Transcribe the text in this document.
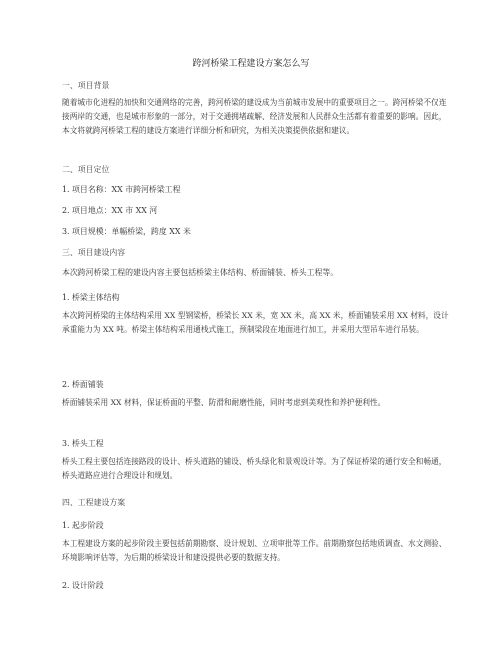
跨河桥梁工程建设方案怎么写
一、项目背景
随着城市化进程的加快和交通网络的完善，跨河桥梁的建设成为当前城市发展中的重要项目之一。跨河桥梁不仅连接两岸的交通，也是城市形象的一部分，对于交通拥堵疏解、经济发展和人民群众生活都有着重要的影响。因此，本文将就跨河桥梁工程的建设方案进行详细分析和研究，为相关决策提供依据和建议。
二、项目定位
1. 项目名称：XX 市跨河桥梁工程
2. 项目地点：XX 市 XX 河
3. 项目规模：单幅桥梁，跨度 XX 米
三、项目建设内容
本次跨河桥梁工程的建设内容主要包括桥梁主体结构、桥面铺装、桥头工程等。
1. 桥梁主体结构
本次跨河桥梁的主体结构采用 XX 型钢梁桥，桥梁长 XX 米，宽 XX 米，高 XX 米，桥面铺装采用 XX 材料，设计承重能力为 XX 吨。桥梁主体结构采用通栈式施工，预制梁段在地面进行加工，并采用大型吊车进行吊装。
2. 桥面铺装
桥面铺装采用 XX 材料，保证桥面的平整、防滑和耐磨性能，同时考虑到美观性和养护便利性。
3. 桥头工程
桥头工程主要包括连接路段的设计、桥头道路的铺设、桥头绿化和景观设计等。为了保证桥梁的通行安全和畅通，桥头道路应进行合理设计和规划。
四、工程建设方案
1. 起步阶段
本工程建设方案的起步阶段主要包括前期勘察、设计规划、立项审批等工作。前期勘察包括地质调查、水文测验、环境影响评估等，为后期的桥梁设计和建设提供必要的数据支持。
2. 设计阶段
